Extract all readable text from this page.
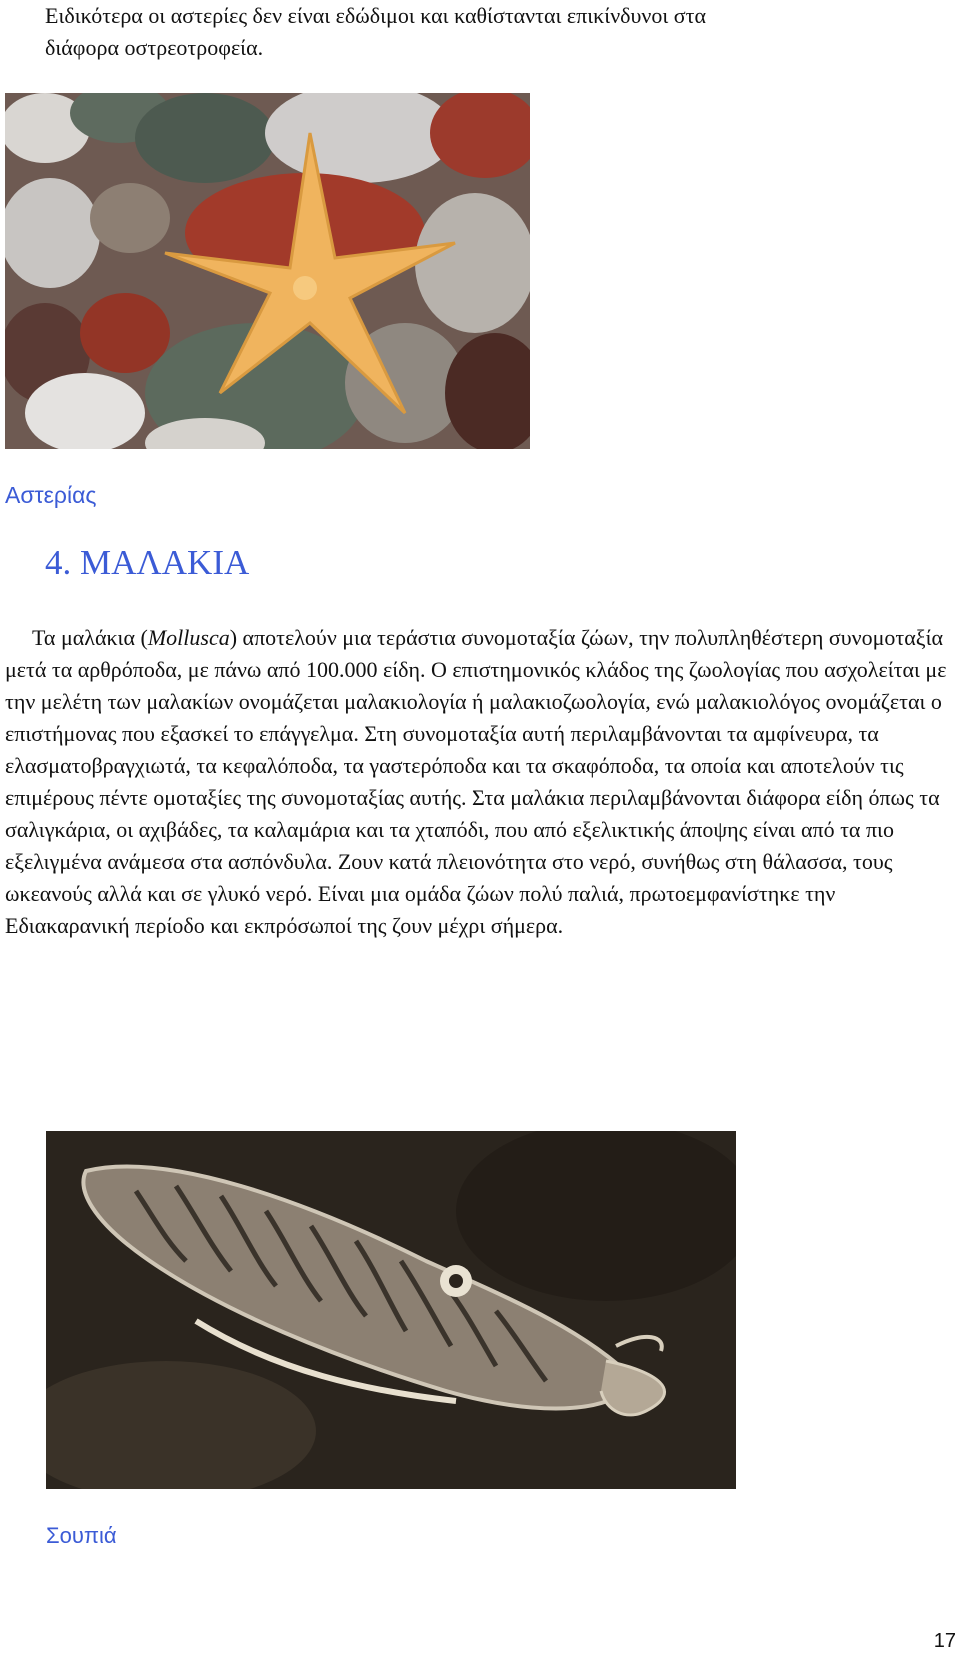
Ειδικότερα οι αστερίες δεν είναι εδώδιμοι και καθίστανται επικίνδυνοι στα
διάφορα οστρεοτροφεία.
Αστερίας
4. ΜΑΛΑΚΙΑ
Τα μαλάκια (Mollusca) αποτελούν μια τεράστια συνομοταξία ζώων, την πολυπληθέστερη συνομοταξία μετά τα αρθρόποδα, με πάνω από 100.000 είδη. Ο επιστημονικός κλάδος της ζωολογίας που ασχολείται με την μελέτη των μαλακίων ονομάζεται μαλακιολογία ή μαλακιοζωολογία, ενώ μαλακιολόγος ονομάζεται ο επιστήμονας που εξασκεί το επάγγελμα. Στη συνομοταξία αυτή περιλαμβάνονται τα αμφίνευρα, τα ελασματοβραγχιωτά, τα κεφαλόποδα, τα γαστερόποδα και τα σκαφόποδα, τα οποία και αποτελούν τις επιμέρους πέντε ομοταξίες της συνομοταξίας αυτής. Στα μαλάκια περιλαμβάνονται διάφορα είδη όπως τα σαλιγκάρια, οι αχιβάδες, τα καλαμάρια και τα χταπόδι, που από εξελικτικής άποψης είναι από τα πιο εξελιγμένα ανάμεσα στα ασπόνδυλα. Ζουν κατά πλειονότητα στο νερό, συνήθως στη θάλασσα, τους ωκεανούς αλλά και σε γλυκό νερό. Είναι μια ομάδα ζώων πολύ παλιά, πρωτοεμφανίστηκε την Εδιακαρανική περίοδο και εκπρόσωποί της ζουν μέχρι σήμερα.
Σουπιά
17
